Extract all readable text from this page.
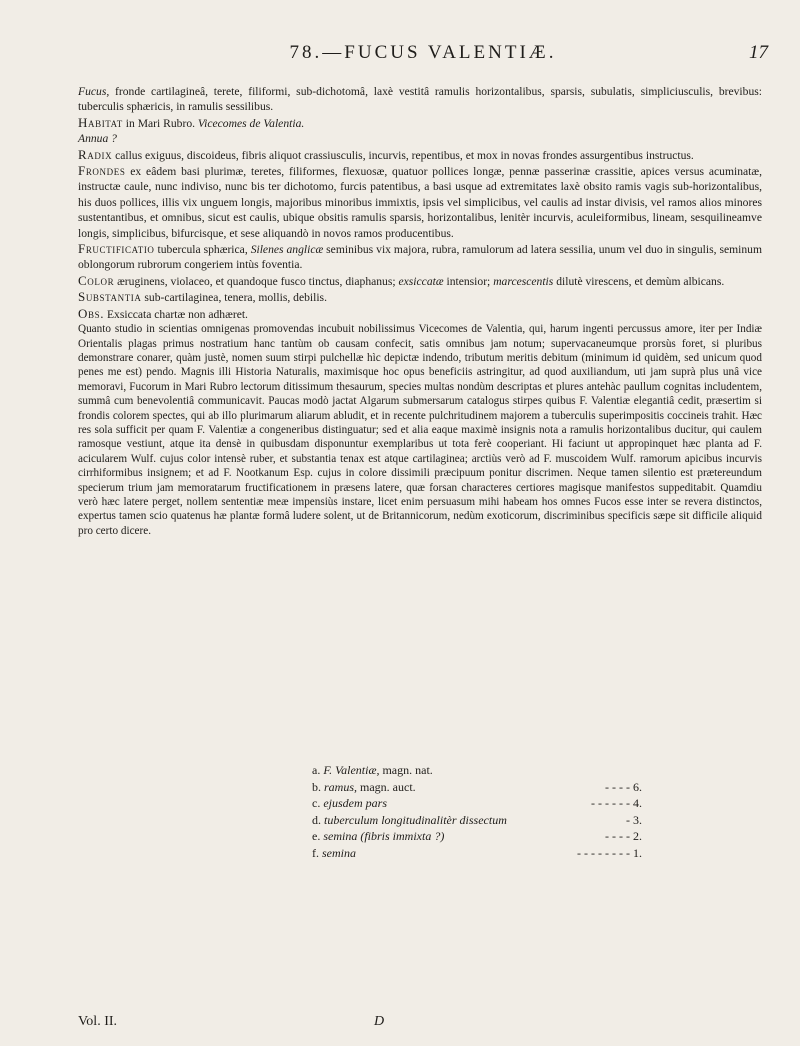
78.—FUCUS VALENTIÆ.	17

Fucus, fronde cartilagineâ, terete, filiformi, sub-dichotomâ, laxè vestitâ ramulis horizontalibus, sparsis, subulatis, simpliciusculis, brevibus: tuberculis sphæricis, in ramulis sessilibus.

Habitat in Mari Rubro. Vicecomes de Valentia.

Annua ?

Radix callus exiguus, discoideus, fibris aliquot crassiusculis, incurvis, repentibus, et mox in novas frondes assurgentibus instructus.

Frondes ex eâdem basi plurimæ, teretes, filiformes, flexuosæ, quatuor pollices longæ, pennæ passerinæ crassitie, apices versus acuminatæ, instructæ caule, nunc indiviso, nunc bis ter dichotomo, furcis patentibus, a basi usque ad extremitates laxè obsito ramis vagis sub-horizontalibus, his duos pollices, illis vix unguem longis, majoribus minoribus immixtis, ipsis vel simplicibus, vel caulis ad instar divisis, vel ramos alios minores sustentantibus, et omnibus, sicut est caulis, ubique obsitis ramulis sparsis, horizontalibus, lenitèr incurvis, aculeiformibus, lineam, sesquilineamve longis, simplicibus, bifurcisque, et sese aliquandò in novos ramos producentibus.

Fructificatio tubercula sphærica, Silenes anglicæ seminibus vix majora, rubra, ramulorum ad latera sessilia, unum vel duo in singulis, seminum oblongorum rubrorum congeriem intùs foventia.

Color æruginens, violaceo, et quandoque fusco tinctus, diaphanus; exsiccatæ intensior; marcescentis dilutè virescens, et demùm albicans.

Substantia sub-cartilaginea, tenera, mollis, debilis.

Obs. Exsiccata chartæ non adhæret.

Quanto studio in scientias omnigenas promovendas incubuit nobilissimus Vicecomes de Valentia, qui, harum ingenti percussus amore, iter per Indiæ Orientalis plagas primus nostratium hanc tantùm ob causam confecit, satis omnibus jam notum; supervacaneumque prorsùs foret, si pluribus demonstrare conarer, quàm justè, nomen suum stirpi pulchellæ hìc depictæ indendo, tributum meritis debitum (minimum id quidèm, sed unicum quod penes me est) pendo. Magnis illi Historia Naturalis, maximisque hoc opus beneficiis astringitur, ad quod auxiliandum, uti jam suprà plus unâ vice memoravi, Fucorum in Mari Rubro lectorum ditissimum thesaurum, species multas nondùm descriptas et plures antehàc paullum cognitas includentem, summâ cum benevolentiâ communicavit. Paucas modò jactat Algarum submersarum catalogus stirpes quibus F. Valentiæ elegantiâ cedit, præsertim si frondis colorem spectes, qui ab illo plurimarum aliarum abludit, et in recente pulchritudinem majorem a tuberculis superimpositis coccineis trahit. Hæc res sola sufficit per quam F. Valentiæ a congeneribus distinguatur; sed et alia eaque maximè insignis nota a ramulis horizontalibus ducitur, qui caulem ramosque vestiunt, atque ita densè in quibusdam disponuntur exemplaribus ut tota ferè cooperiant. Hi faciunt ut appropinquet hæc planta ad F. acicularem Wulf. cujus color intensè ruber, et substantia tenax est atque cartilaginea; arctiùs verò ad F. muscoidem Wulf. ramorum apicibus incurvis cirrhiformibus insignem; et ad F. Nootkanum Esp. cujus in colore dissimili præcipuum ponitur discrimen. Neque tamen silentio est prætereundum specierum trium jam memoratarum fructificationem in præsens latere, quæ forsan characteres certiores magisque manifestos suppeditabit. Quamdiu verò hæc latere perget, nollem sententiæ meæ impensiùs instare, licet enim persuasum mihi habeam hos omnes Fucos esse inter se revera distinctos, expertus tamen scio quatenus hæ plantæ formâ ludere solent, ut de Britannicorum, nedùm exoticorum, discriminibus specificis sæpe sit difficile aliquid pro certo dicere.

a. F. Valentiæ, magn. nat.
b. ramus, magn. auct.	- - - - 6.
c. ejusdem pars	- - - - - - 4.
d. tuberculum longitudinalitèr dissectum	- 3.
e. semina (fibris immixta ?)	- - - - 2.
f. semina	- - - - - - - - 1.
Vol. II.	D
